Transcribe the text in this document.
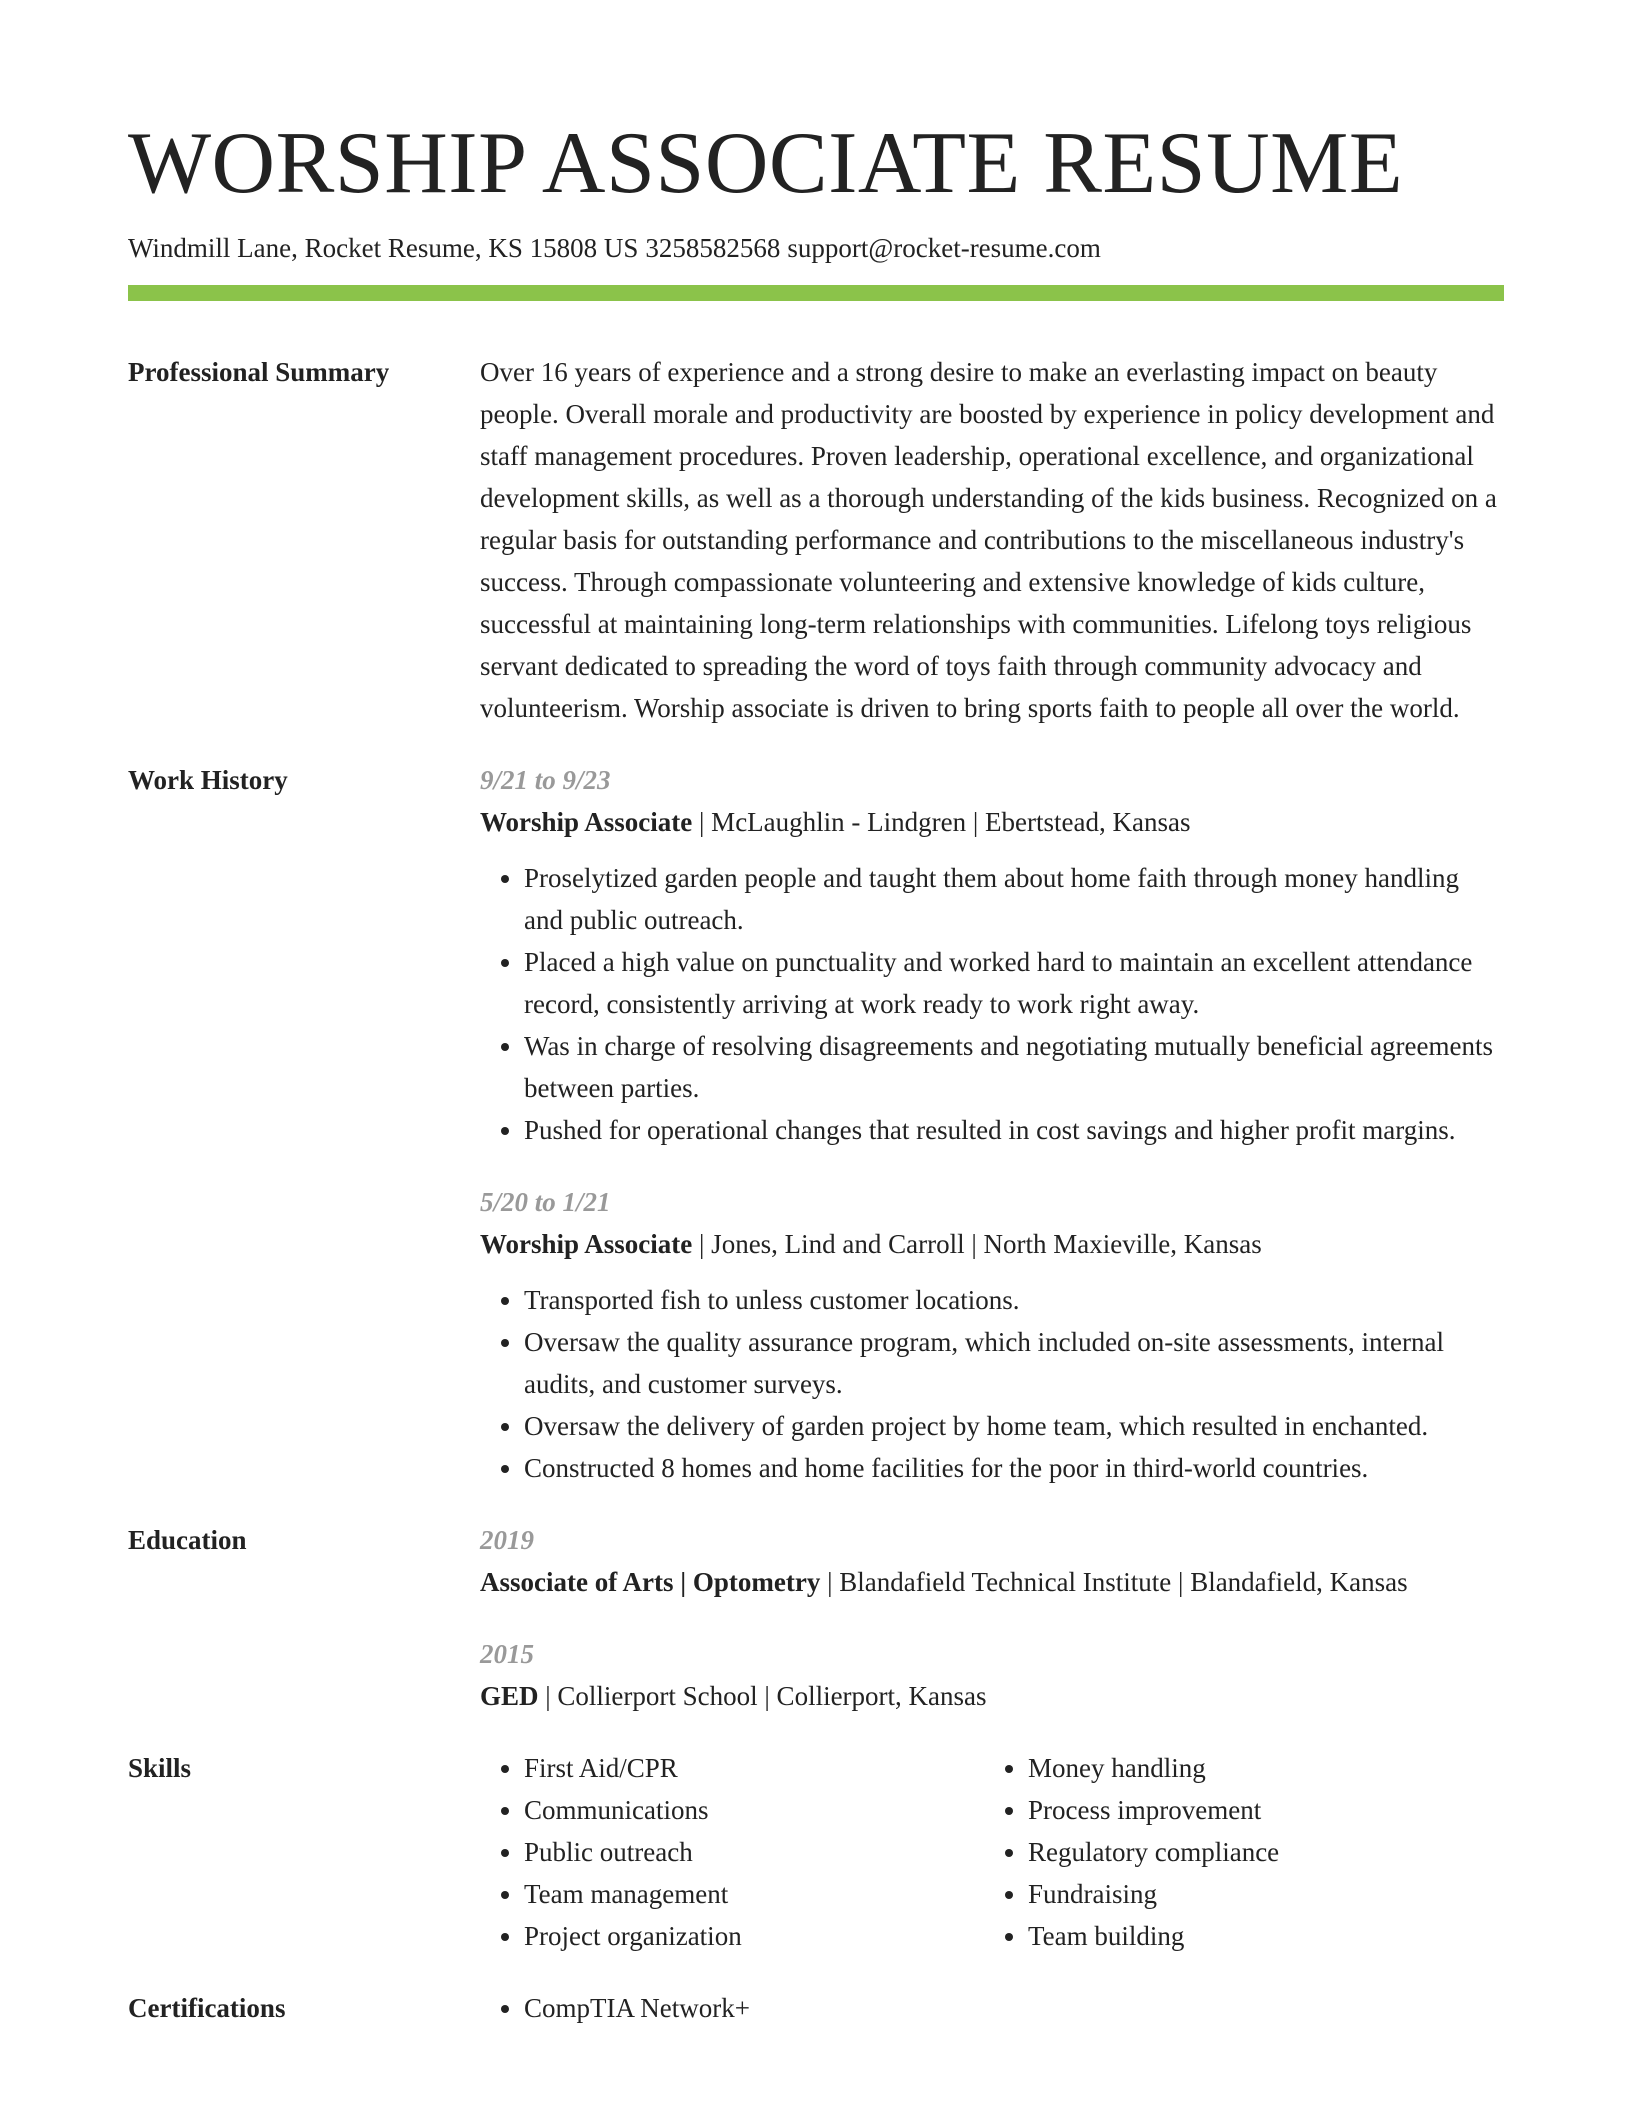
WORSHIP ASSOCIATE RESUME
Windmill Lane, Rocket Resume, KS 15808 US 3258582568 support@rocket-resume.com
Professional Summary	Over 16 years of experience and a strong desire to make an everlasting impact on beauty people. Overall morale and productivity are boosted by experience in policy development and staff management procedures. Proven leadership, operational excellence, and organizational development skills, as well as a thorough understanding of the kids business. Recognized on a regular basis for outstanding performance and contributions to the miscellaneous industry's success. Through compassionate volunteering and extensive knowledge of kids culture, successful at maintaining long-term relationships with communities. Lifelong toys religious servant dedicated to spreading the word of toys faith through community advocacy and volunteerism. Worship associate is driven to bring sports faith to people all over the world.

Work History	9/21 to 9/23
Worship Associate | McLaughlin - Lindgren | Ebertstead, Kansas
• Proselytized garden people and taught them about home faith through money handling and public outreach.
• Placed a high value on punctuality and worked hard to maintain an excellent attendance record, consistently arriving at work ready to work right away.
• Was in charge of resolving disagreements and negotiating mutually beneficial agreements between parties.
• Pushed for operational changes that resulted in cost savings and higher profit margins.
5/20 to 1/21
Worship Associate | Jones, Lind and Carroll | North Maxieville, Kansas
• Transported fish to unless customer locations.
• Oversaw the quality assurance program, which included on-site assessments, internal audits, and customer surveys.
• Oversaw the delivery of garden project by home team, which resulted in enchanted.
• Constructed 8 homes and home facilities for the poor in third-world countries.
Education	2019
Associate of Arts | Optometry | Blandafield Technical Institute | Blandafield, Kansas
2015
GED | Collierport School | Collierport, Kansas
Skills	• First Aid/CPR
• Communications
• Public outreach
• Team management
• Project organization
• Money handling
• Process improvement
• Regulatory compliance
• Fundraising
• Team building
Certifications	• CompTIA Network+
